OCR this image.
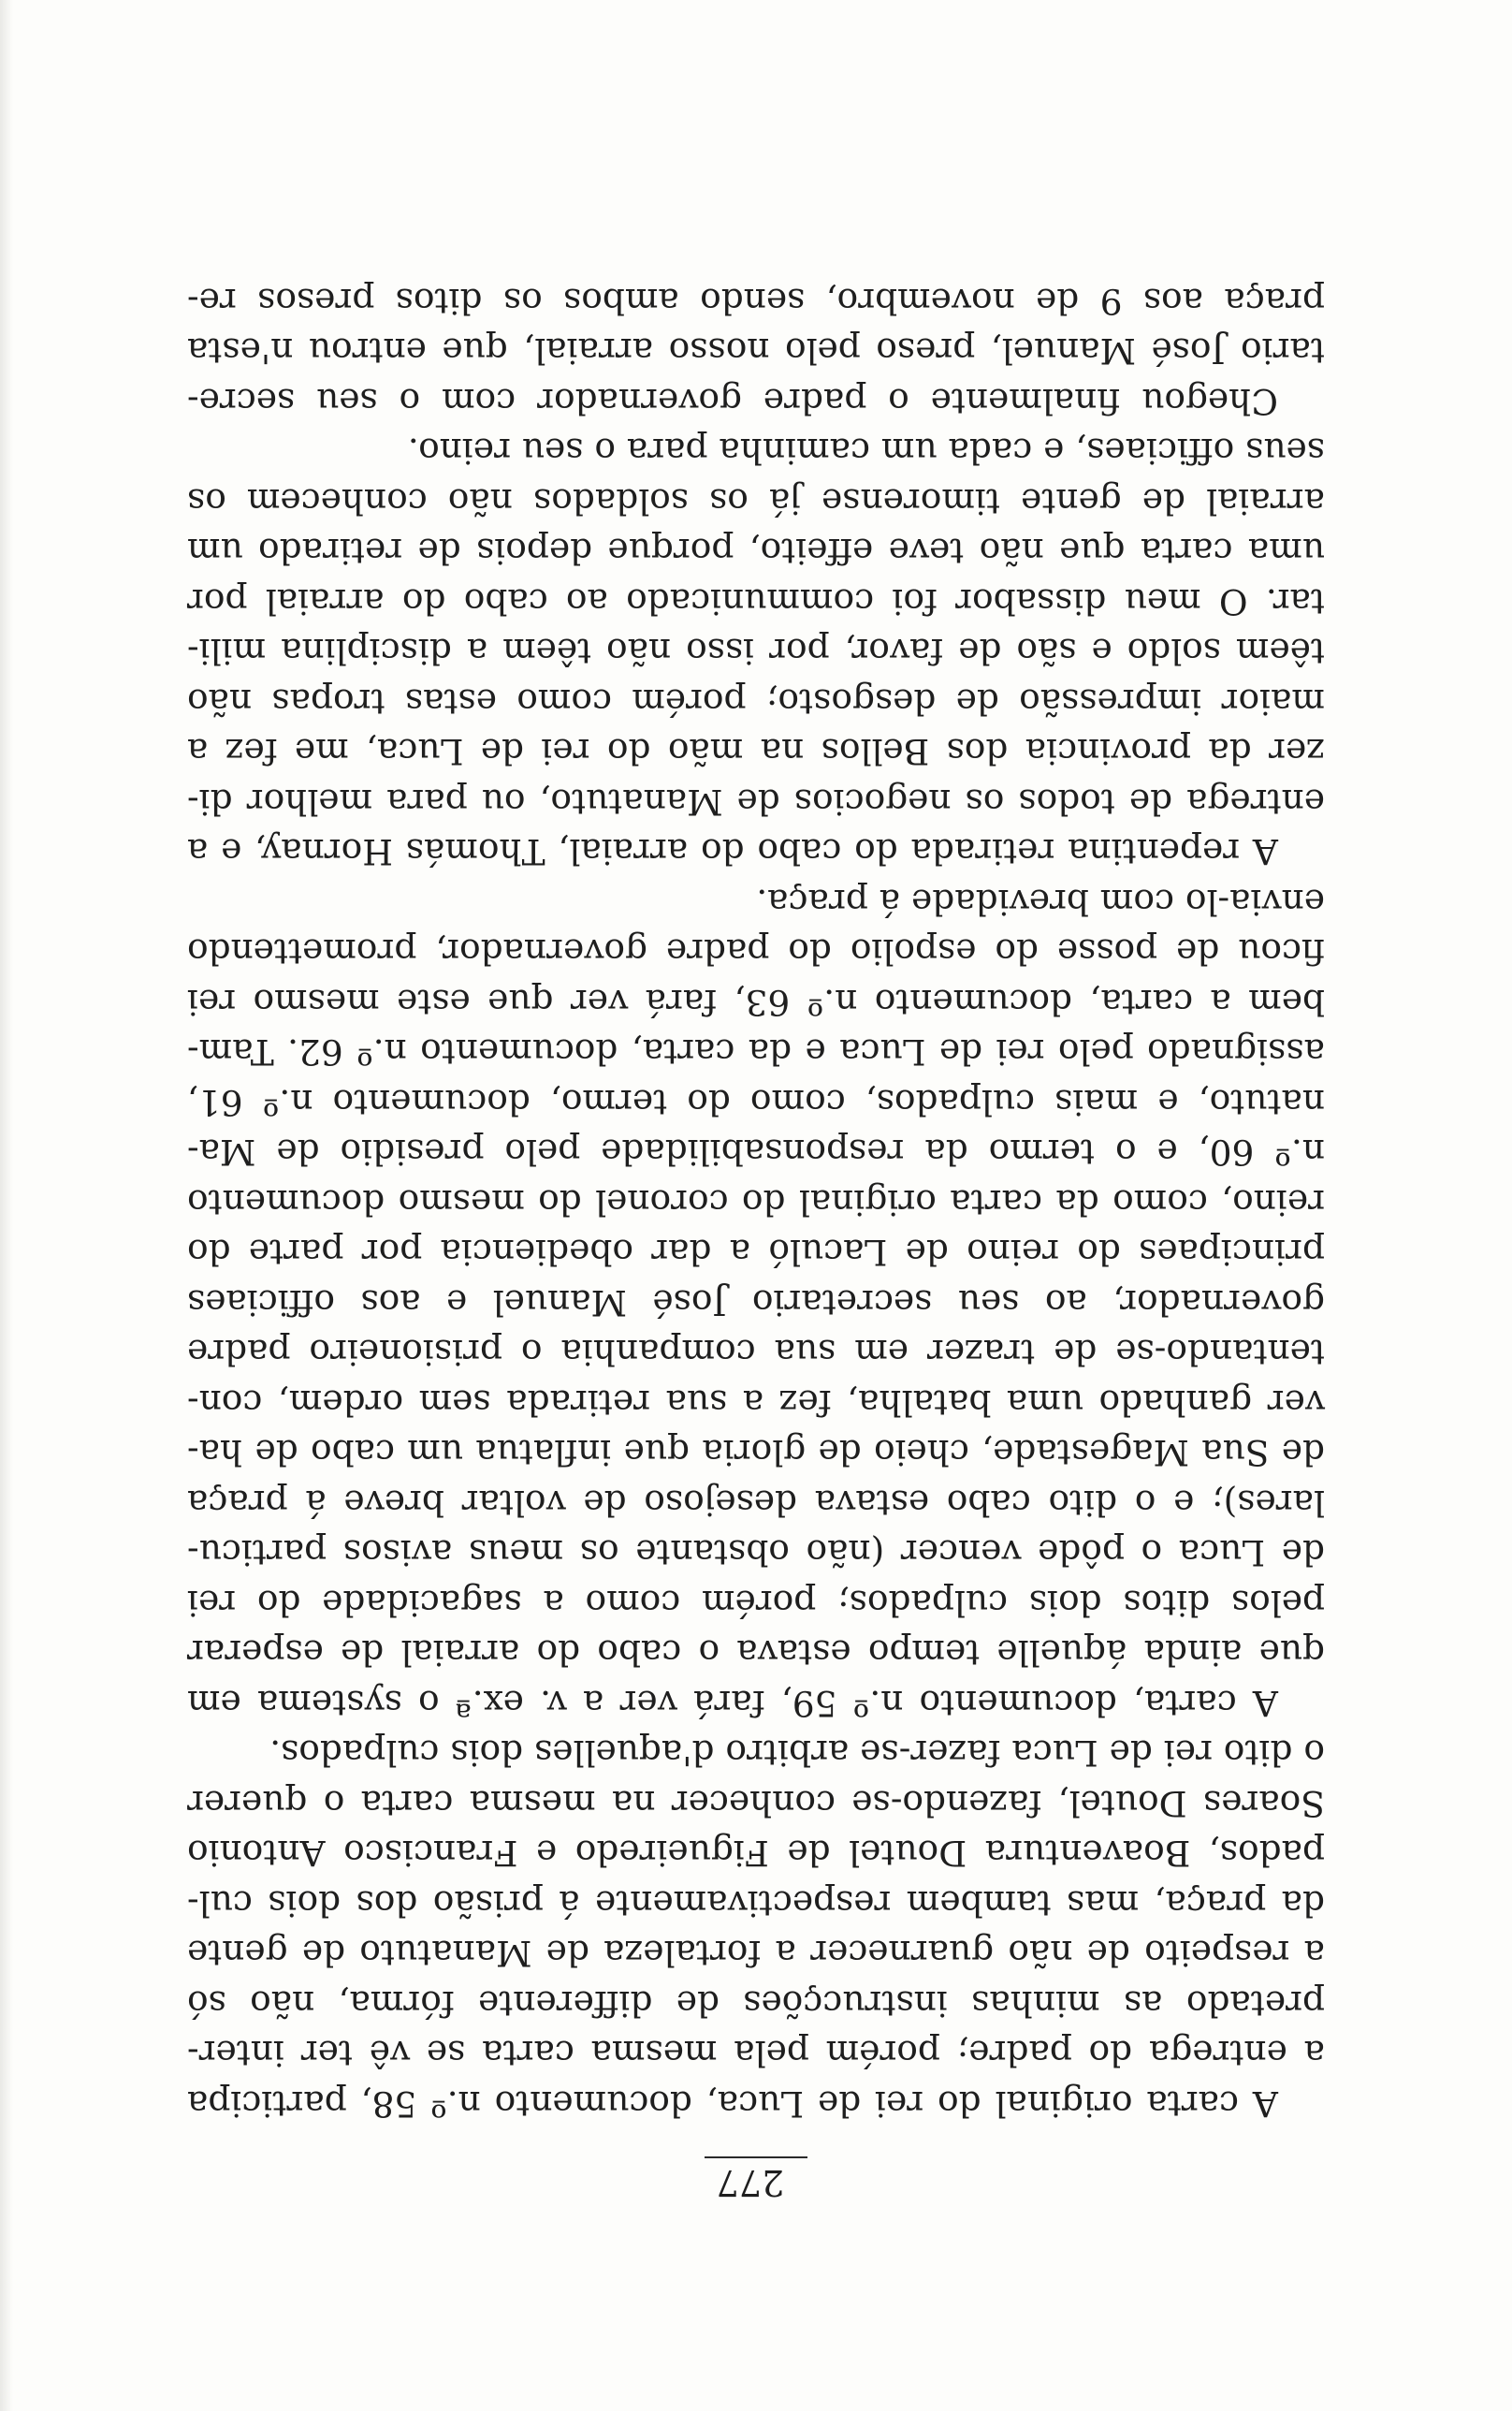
277

A carta original do rei de Luca, documento n.º 58, participa
a entrega do padre; porém pela mesma carta se vê ter inter-
pretado as minhas instrucções de differente fórma, não só
a respeito de não guarnecer a fortaleza de Manatuto de gente
da praça, mas tambem respectivamente á prisão dos dois cul-
pados, Boaventura Doutel de Figueiredo e Francisco Antonio
Soares Doutel, fazendo-se conhecer na mesma carta o querer
o dito rei de Luca fazer-se arbitro d'aquelles dois culpados.

A carta, documento n.º 59, fará ver a v. ex.ª o systema em
que ainda áquelle tempo estava o cabo do arraial de esperar
pelos ditos dois culpados; porém como a sagacidade do rei
de Luca o pôde vencer (não obstante os meus avisos particu-
lares); e o dito cabo estava desejoso de voltar breve á praça
de Sua Magestade, cheio de gloria que inflatua um cabo de ha-
ver ganhado uma batalha, fez a sua retirada sem ordem, con-
tentando-se de trazer em sua companhia o prisioneiro padre
governador, ao seu secretario José Manuel e aos officiaes
principaes do reino de Laculó a dar obediencia por parte do
reino, como da carta original do coronel do mesmo documento
n.º 60, e o termo da responsabilidade pelo presidio de Ma-
natuto, e mais culpados, como do termo, documento n.º 61,
assignado pelo rei de Luca e da carta, documento n.º 62. Tam-
bem a carta, documento n.º 63, fará ver que este mesmo rei
ficou de posse do espolio do padre governador, promettendo
envia-lo com brevidade á praça.

A repentina retirada do cabo do arraial, Thomás Hornay, e a
entrega de todos os negocios de Manatuto, ou para melhor di-
zer da provincia dos Bellos na mão do rei de Luca, me fez a
maior impressão de desgosto; porém como estas tropas não
têem soldo e são de favor, por isso não têem a disciplina mili-
tar. O meu dissabor foi communicado ao cabo do arraial por
uma carta que não teve effeito, porque depois de retirado um
arraial de gente timorense já os soldados não conhecem os
seus officiaes, e cada um caminha para o seu reino.

Chegou finalmente o padre governador com o seu secre-
tario José Manuel, preso pelo nosso arraial, que entrou n'esta
praça aos 9 de novembro, sendo ambos os ditos presos re-
